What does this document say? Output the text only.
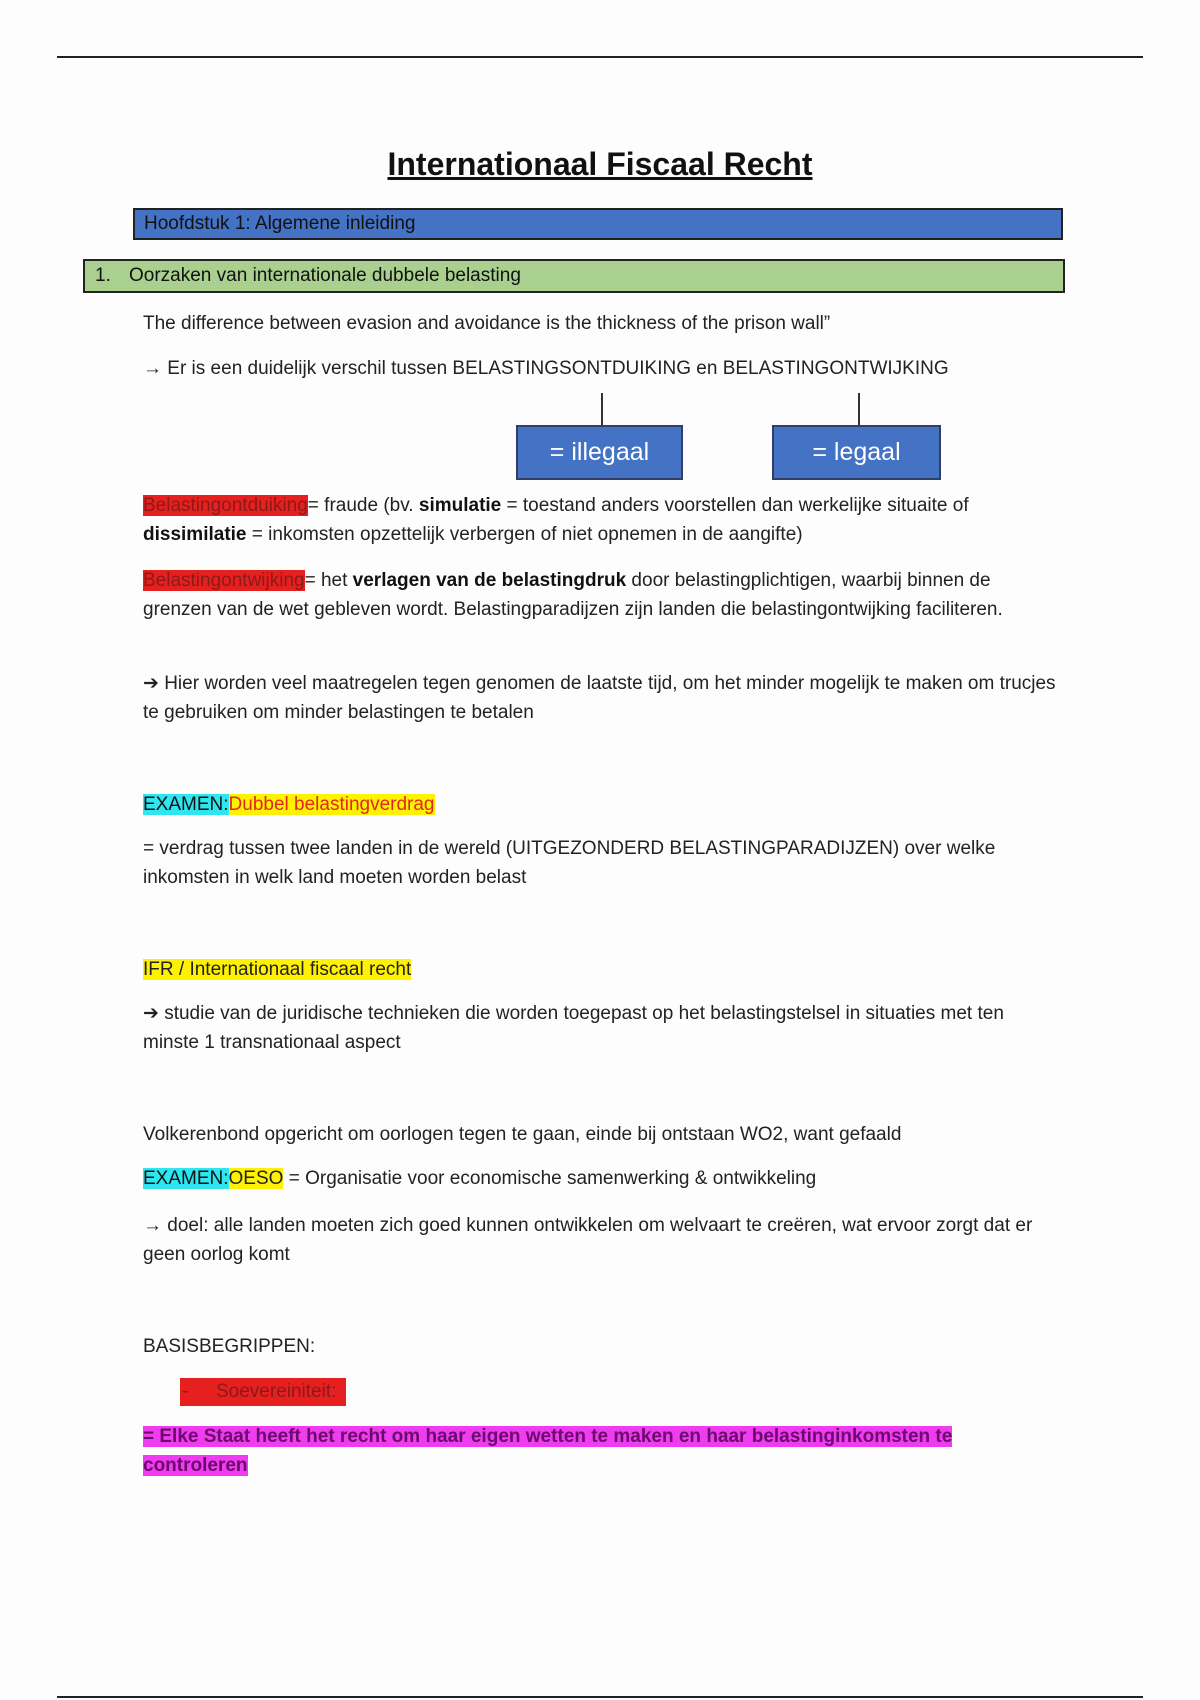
Internationaal Fiscaal Recht
Hoofdstuk 1: Algemene inleiding
1. Oorzaken van internationale dubbele belasting
The difference between evasion and avoidance is the thickness of the prison wall”
→ Er is een duidelijk verschil tussen BELASTINGSONTDUIKING en BELASTINGONTWIJKING
= illegaal	= legaal
Belastingontduiking= fraude (bv. simulatie = toestand anders voorstellen dan werkelijke situaite of dissimilatie = inkomsten opzettelijk verbergen of niet opnemen in de aangifte)
Belastingontwijking= het verlagen van de belastingdruk door belastingplichtigen, waarbij binnen de grenzen van de wet gebleven wordt. Belastingparadijzen zijn landen die belastingontwijking faciliteren.
➔ Hier worden veel maatregelen tegen genomen de laatste tijd, om het minder mogelijk te maken om trucjes te gebruiken om minder belastingen te betalen
EXAMEN:Dubbel belastingverdrag
= verdrag tussen twee landen in de wereld (UITGEZONDERD BELASTINGPARADIJZEN) over welke inkomsten in welk land moeten worden belast
IFR / Internationaal fiscaal recht
➔ studie van de juridische technieken die worden toegepast op het belastingstelsel in situaties met ten minste 1 transnationaal aspect
Volkerenbond opgericht om oorlogen tegen te gaan, einde bij ontstaan WO2, want gefaald
EXAMEN:OESO = Organisatie voor economische samenwerking & ontwikkeling
→ doel: alle landen moeten zich goed kunnen ontwikkelen om welvaart te creëren, wat ervoor zorgt dat er geen oorlog komt
BASISBEGRIPPEN:
- Soevereiniteit:
= Elke Staat heeft het recht om haar eigen wetten te maken en haar belastinginkomsten te controleren
